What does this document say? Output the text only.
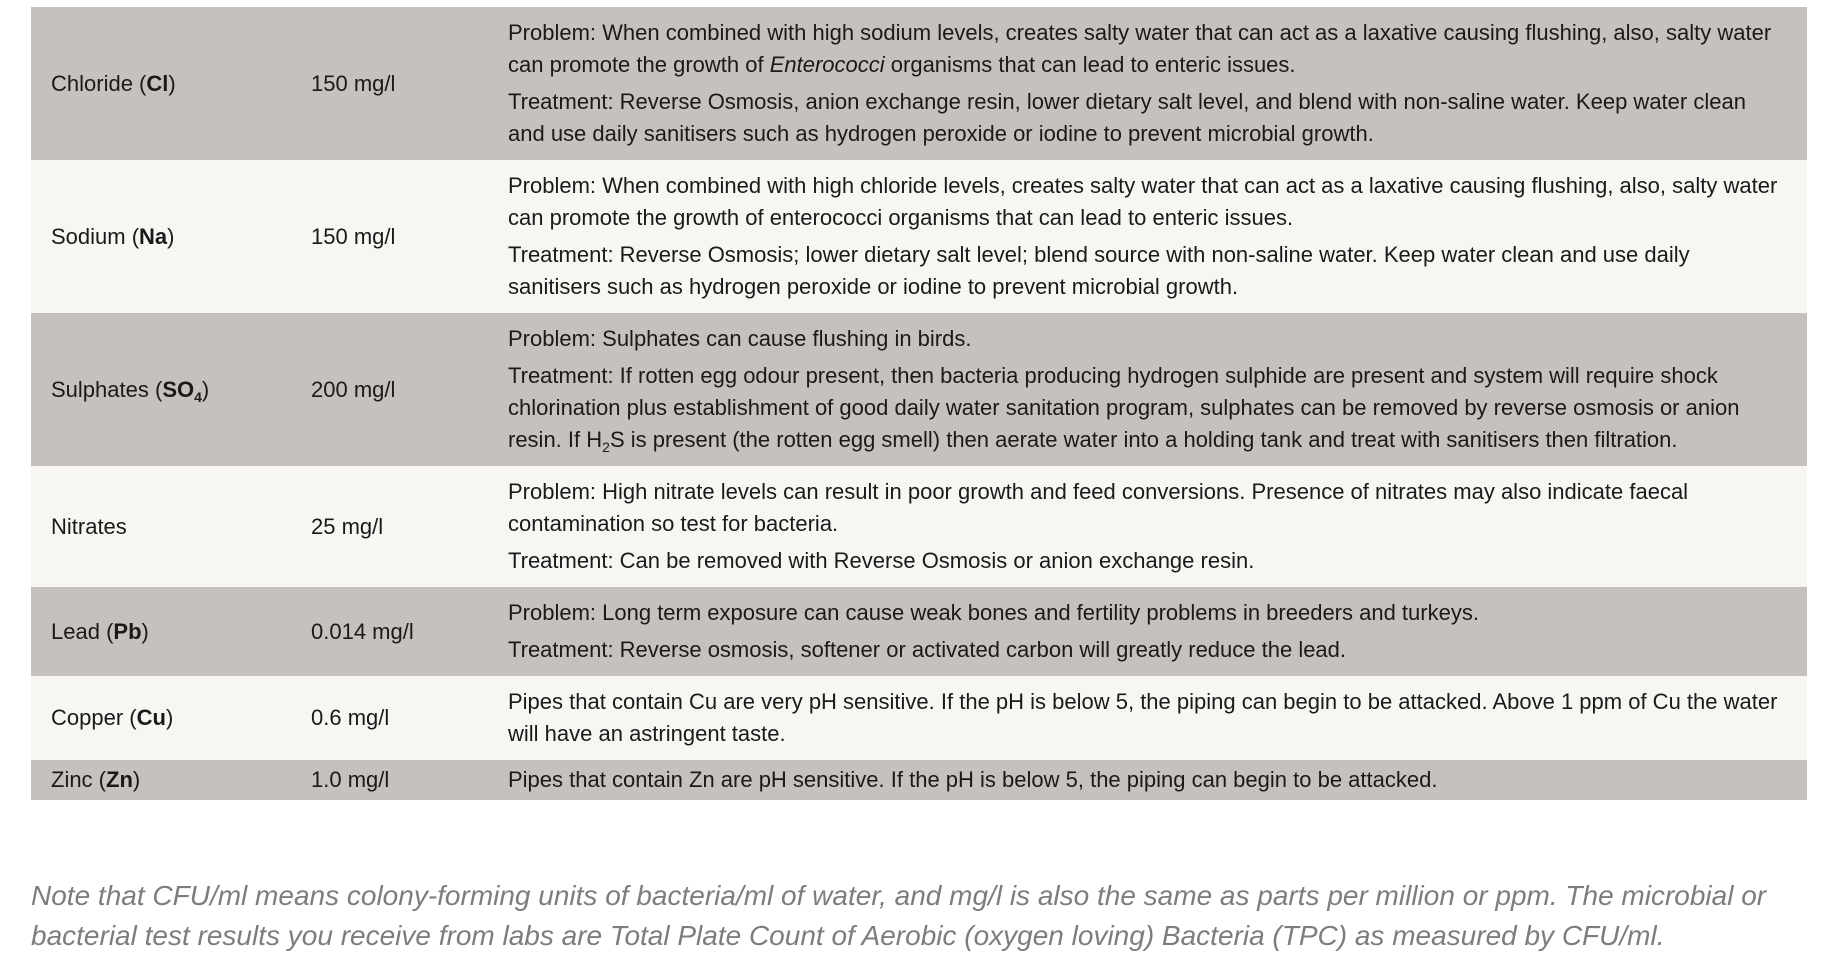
Chloride (Cl)	150 mg/l	Problem: When combined with high sodium levels, creates salty water that can act as a laxative causing flushing, also, salty water can promote the growth of Enterococci organisms that can lead to enteric issues.

Treatment: Reverse Osmosis, anion exchange resin, lower dietary salt level, and blend with non-saline water. Keep water clean and use daily sanitisers such as hydrogen peroxide or iodine to prevent microbial growth.

Sodium (Na)	150 mg/l	Problem: When combined with high chloride levels, creates salty water that can act as a laxative causing flushing, also, salty water can promote the growth of enterococci organisms that can lead to enteric issues.

Treatment: Reverse Osmosis; lower dietary salt level; blend source with non-saline water. Keep water clean and use daily sanitisers such as hydrogen peroxide or iodine to prevent microbial growth.

Sulphates $(SO_4)$	200 mg/l	Problem: Sulphates can cause flushing in birds.

Treatment: If rotten egg odour present, then bacteria producing hydrogen sulphide are present and system will require shock chlorination plus establishment of good daily water sanitation program, sulphates can be removed by reverse osmosis or anion resin. If $H_2S$ is present (the rotten egg smell) then aerate water into a holding tank and treat with sanitisers then filtration.

Nitrates	25 mg/l	Problem: High nitrate levels can result in poor growth and feed conversions. Presence of nitrates may also indicate faecal contamination so test for bacteria.

Treatment: Can be removed with Reverse Osmosis or anion exchange resin.

Lead (Pb)	0.014 mg/l	Problem: Long term exposure can cause weak bones and fertility problems in breeders and turkeys.

Treatment: Reverse osmosis, softener or activated carbon will greatly reduce the lead.

Copper (Cu)	0.6 mg/l	Pipes that contain Cu are very pH sensitive. If the pH is below 5, the piping can begin to be attacked. Above 1 ppm of Cu the water will have an astringent taste.

Zinc (Zn)	1.0 mg/l	Pipes that contain Zn are pH sensitive. If the pH is below 5, the piping can begin to be attacked.

Note that CFU/ml means colony-forming units of bacteria/ml of water, and mg/l is also the same as parts per million or ppm. The microbial or bacterial test results you receive from labs are Total Plate Count of Aerobic (oxygen loving) Bacteria (TPC) as measured by CFU/ml.
